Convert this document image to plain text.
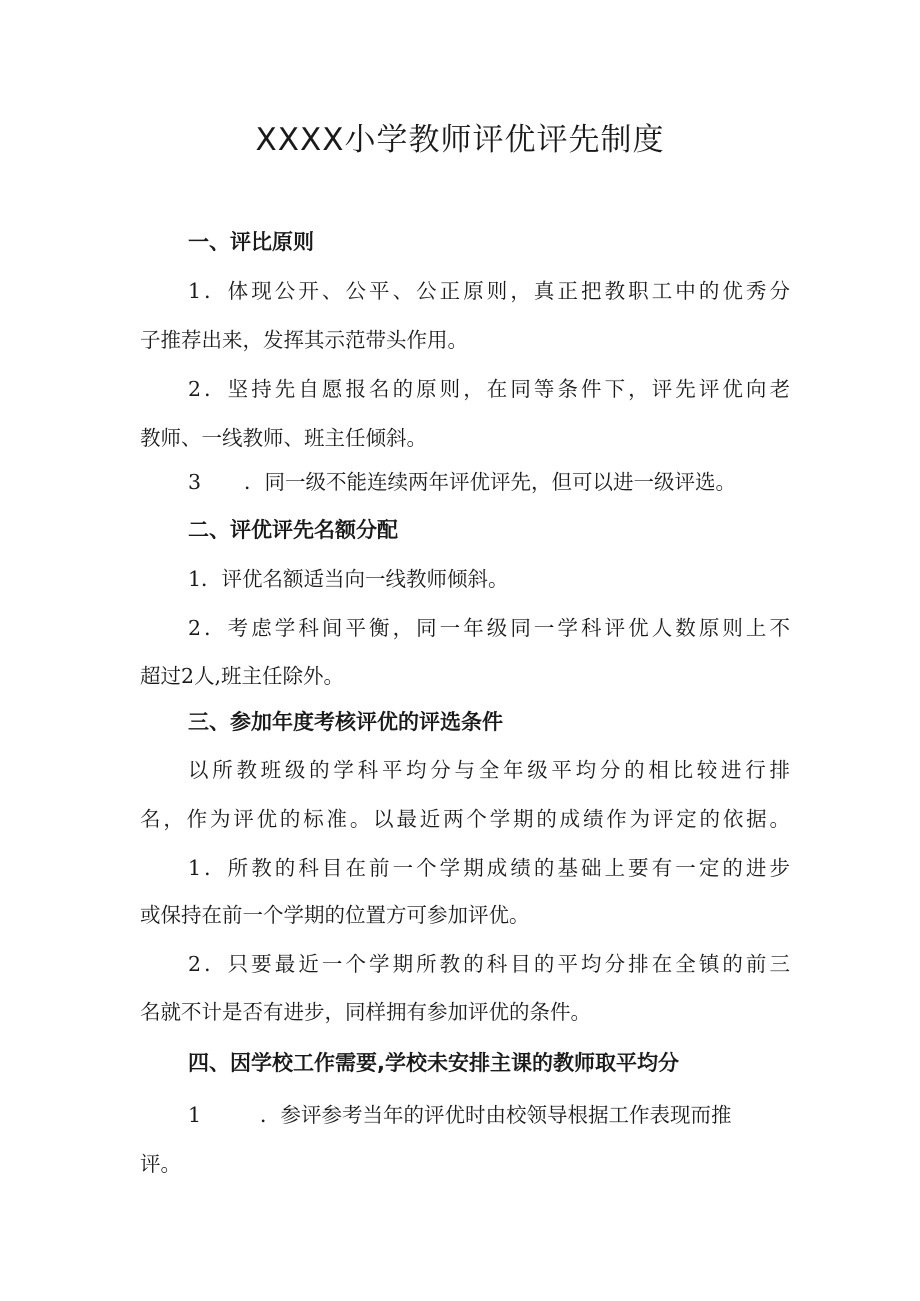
XXXX小学教师评优评先制度
一、评比原则
1．体现公开、公平、公正原则，真正把教职工中的优秀分
子推荐出来，发挥其示范带头作用。
2．坚持先自愿报名的原则，在同等条件下，评先评优向老
教师、一线教师、班主任倾斜。
3 ．同一级不能连续两年评优评先，但可以进一级评选。
二、评优评先名额分配
1．评优名额适当向一线教师倾斜。
2．考虑学科间平衡，同一年级同一学科评优人数原则上不
超过2人,班主任除外。
三、参加年度考核评优的评选条件
以所教班级的学科平均分与全年级平均分的相比较进行排
名，作为评优的标准。以最近两个学期的成绩作为评定的依据。
1．所教的科目在前一个学期成绩的基础上要有一定的进步
或保持在前一个学期的位置方可参加评优。
2．只要最近一个学期所教的科目的平均分排在全镇的前三
名就不计是否有进步，同样拥有参加评优的条件。
四、因学校工作需要,学校未安排主课的教师取平均分
1	．参评参考当年的评优时由校领导根据工作表现而推
评。
